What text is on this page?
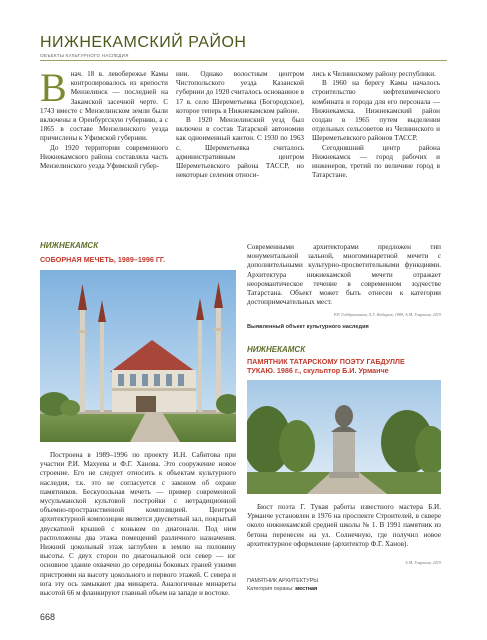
НИЖНЕКАМСКИЙ РАЙОН
ОБЪЕКТЫ КУЛЬТУРНОГО НАСЛЕДИЯ
В нач. 18 в. левобережье Камы контролировалось из крепости Мензелинск — последней на Закамской засечной черте. С 1743 вместе с Мензелинском земли были включены в Оренбургскую губернию, а с 1865 в составе Мензелинского уезда причислены к Уфимской губернии.

До 1920 территории современного Нижнекамского района составляла часть Мензелинского уезда Уфимской губер-

нии. Однако волостным центром Чистопольского уезда Казанской губернии до 1920 считалось основанное в 17 в. село Шереметьевка (Богородское), которое теперь в Нижнекамском районе.

В 1920 Мензелинский уезд был включен в состав Татарской автономии как одноименный кантон. С 1930 по 1963 с. Шереметьевка считалось административным центром Шереметьевского района ТАССР, но некоторые селения относи-

лись к Челнинскому району республики.

В 1960 на берегу Камы началось строительство нефтехимического комбината и города для его персонала — Нижнекамска. Нижнекамский район создан в 1965 путем выделения отдельных сельсоветов из Челнинского и Шереметьевского районов ТАССР.

Сегодняшний центр района Нижнекамск — город рабочих и инженеров, третий по величине город в Татарстане.

НИЖНЕКАМСК
СОБОРНАЯ МЕЧЕТЬ, 1989–1996 ГГ.
Современными архитекторами предложен тип монументальной зальной, многоминаретной мечети с дополнительными культурно-просветительными функциями. Архитектура нижнекамской мечети отражает неоромантическое течение в современном зодчестве Татарстана. Объект может быть отнесен к категории достопримечательных мест.
Р.Р. Габдрахманов, Х.Г. Надыров, 1989, А.М. Гаврилов, 2019
Выявленный объект культурного наследия
Построена в 1989–1996 по проекту И.Н. Сабитова при участии Р.И. Махуева и Ф.Г. Ханова. Это сооружение новое строение. Его не следует относить к объектам культурного наследия, т.к. это не согласуется с законом об охране памятников. Бескупольная мечеть — пример современной мусульманской культовой постройки с нетрадиционной объемно-пространственной композицией. Центром архитектурной композиции является двусветный зал, покрытый двускатной крышей с коньком по диагонали. Под ним расположены два этажа помещений различного назначения. Нижний цокольный этаж заглублен в землю на половину высоты. С двух сторон по диагональной оси север — юг основное здание охвачено до середины боковых граней узкими пристроями на высоту цокольного и первого этажей. С севера и юга эту ось замыкают два минарета. Аналогичные минареты высотой 66 м фланкируют главный объем на западе и востоке.
НИЖНЕКАМСК
ПАМЯТНИК ТАТАРСКОМУ ПОЭТУ ГАБДУЛЛЕ
ТУКАЮ. 1986 г., скульптор Б.И. Урманче
Бюст поэта Г. Тукая работы известного мастера Б.И. Урманче установлен в 1976 на проспекте Строителей, в сквере около нижнекамской средней школы № 1. В 1991 памятник из бетона перенесен на ул. Солнечную, где получил новое архитектурное оформление (архитектор Ф.Г. Ханов).
А.М. Гаврилов, 2019
ПАМЯТНИК АРХИТЕКТУРЫ
Категория охраны: местная
668
